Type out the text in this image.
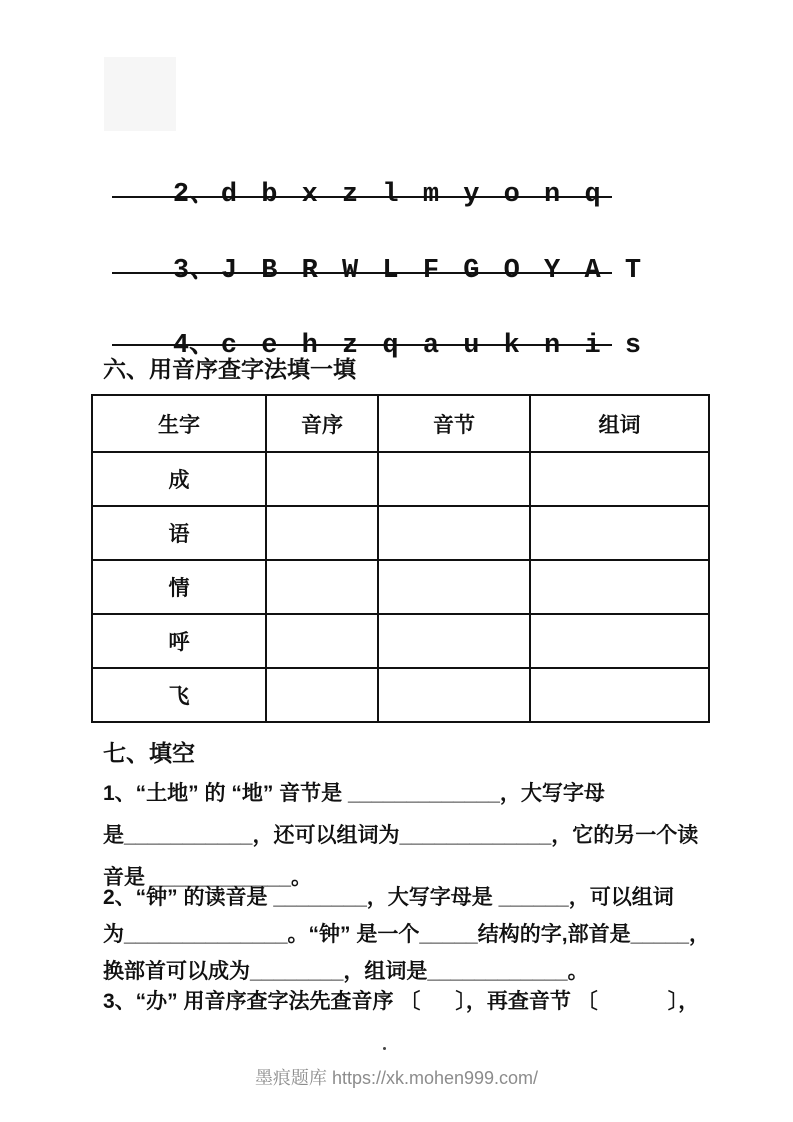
2、 d b x z l m y o n q

3、 J B R W L F G O Y A T

4、 c e h z q a u k n i s

六、用音序查字法填一填
生字	音序	音节	组词
成			
语			
情			
呼			
飞			
七、填空
1、“土地” 的 “地” 音节是 _____________，大写字母
是___________，还可以组词为_____________，它的另一个读
音是 ____________。
2、“钟” 的读音是 ________，大写字母是 ______，可以组词
为______________。“钟” 是一个_____结构的字,部首是_____，
换部首可以成为________，组词是____________。
3、“办” 用音序查字法先查音序 〔      〕，再查音节 〔            〕，
墨痕题库 https://xk.mohen999.com/
